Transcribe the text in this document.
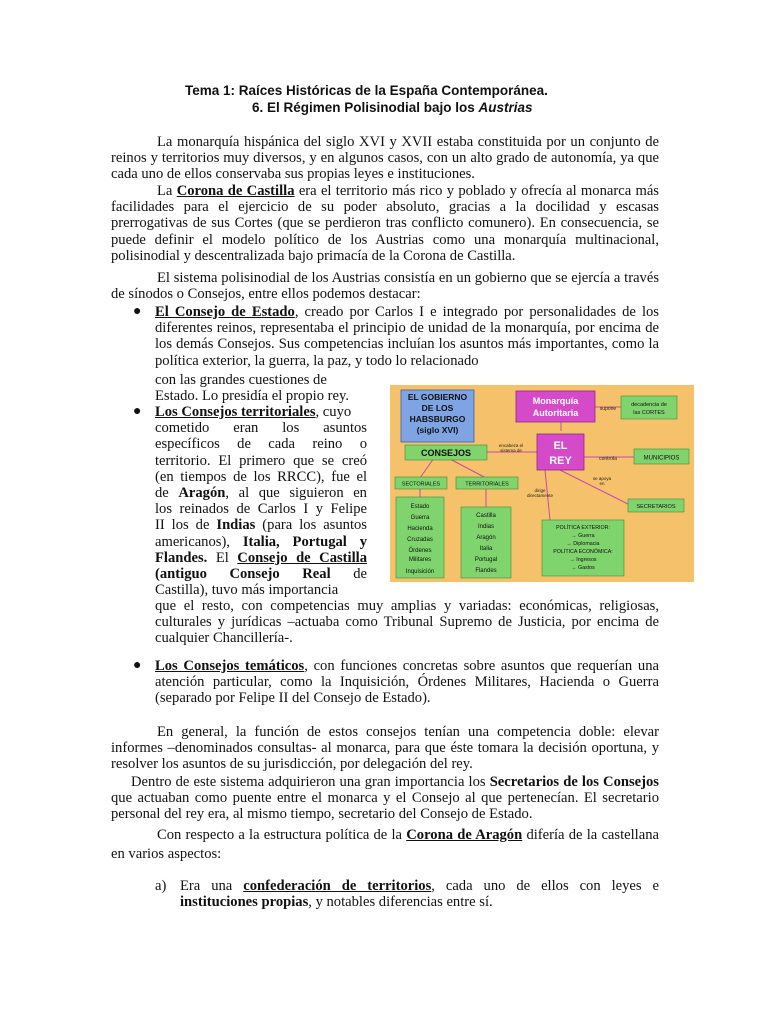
Tema 1: Raíces Históricas de la España Contemporánea.
6. El Régimen Polisinodial bajo los Austrias

La monarquía hispánica del siglo XVI y XVII estaba constituida por un conjunto de reinos y territorios muy diversos, y en algunos casos, con un alto grado de autonomía, ya que cada uno de ellos conservaba sus propias leyes e instituciones.

La Corona de Castilla era el territorio más rico y poblado y ofrecía al monarca más facilidades para el ejercicio de su poder absoluto, gracias a la docilidad y escasas prerrogativas de sus Cortes (que se perdieron tras conflicto comunero). En consecuencia, se puede definir el modelo político de los Austrias como una monarquía multinacional, polisinodial y descentralizada bajo primacía de la Corona de Castilla.

El sistema polisinodial de los Austrias consistía en un gobierno que se ejercía a través de sínodos o Consejos, entre ellos podemos destacar:

● El Consejo de Estado, creado por Carlos I e integrado por personalidades de los diferentes reinos, representaba el principio de unidad de la monarquía, por encima de los demás Consejos. Sus competencias incluían los asuntos más importantes, como la política exterior, la guerra, la paz, y todo lo relacionado

con las grandes cuestiones de
Estado. Lo presidía el propio rey.

● Los Consejos territoriales, cuyo
cometido eran los asuntos
específicos de cada reino o
territorio. El primero que se creó
(en tiempos de los RRCC), fue el
de Aragón, al que siguieron en
los reinados de Carlos I y Felipe
II los de Indias (para los asuntos
americanos), Italia, Portugal y
Flandes. El Consejo de Castilla
(antiguo Consejo Real de
Castilla), tuvo más importancia

que el resto, con competencias muy amplias y variadas: económicas, religiosas, culturales y jurídicas –actuaba como Tribunal Supremo de Justicia, por encima de cualquier Chancillería-.

● Los Consejos temáticos, con funciones concretas sobre asuntos que requerían una atención particular, como la Inquisición, Órdenes Militares, Hacienda o Guerra (separado por Felipe II del Consejo de Estado).

En general, la función de estos consejos tenían una competencia doble: elevar informes –denominados consultas- al monarca, para que éste tomara la decisión oportuna, y resolver los asuntos de su jurisdicción, por delegación del rey.

Dentro de este sistema adquirieron una gran importancia los Secretarios de los Consejos que actuaban como puente entre el monarca y el Consejo al que pertenecían. El secretario personal del rey era, al mismo tiempo, secretario del Consejo de Estado.

Con respecto a la estructura política de la Corona de Aragón difería de la castellana en varios aspectos:

a) Era una confederación de territorios, cada uno de ellos con leyes e instituciones propias, y notables diferencias entre sí.

EL GOBIERNO
DE LOS
HABSBURGO
(siglo XVI)
Monarquía
Autoritaria	supone
decadencia de
las CORTES
CONSEJOS
encabeza el
sistema de	EL
REY	controla	MUNICIPIOS
se apoya
en
dirige
directamente
SECTORIALES	TERRITORIALES
SECRETARIOS
Estado
Guerra
Hacienda
Cruzadas
Órdenes
Militares
Inquisición
Castilla
Indias
Aragón
Italia
Portugal
Flandes
POLÍTICA EXTERIOR:
→ Guerra
→ Diplomacia
POLÍTICA ECONÓMICA:
→ Ingresos
→ Gastos
